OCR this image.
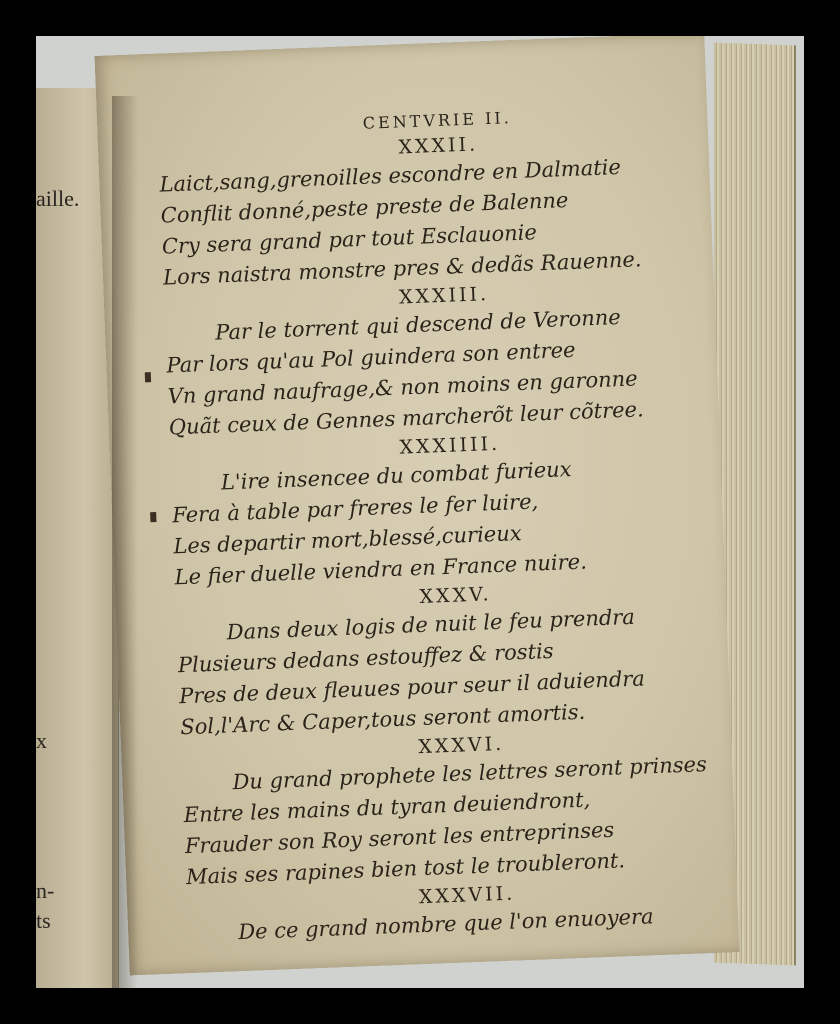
aille.
x
n-
ts
CENTVRIE II.
XXXII.
Laict,sang,grenoilles escondre en Dalmatie
Conflit donné,peste preste de Balenne
Cry sera grand par tout Esclauonie
Lors naistra monstre pres & dedãs Rauenne.
XXXIII.
Par le torrent qui descend de Veronne
Par lors qu'au Pol guindera son entree
Vn grand naufrage,& non moins en garonne
Quãt ceux de Gennes marcherõt leur cõtree.
XXXIIII.
L'ire insencee du combat furieux
Fera à table par freres le fer luire,
Les departir mort,blessé,curieux
Le fier duelle viendra en France nuire.
XXXV.
Dans deux logis de nuit le feu prendra
Plusieurs dedans estouffez & rostis
Pres de deux fleuues pour seur il aduiendra
Sol,l'Arc & Caper,tous seront amortis.
XXXVI.
Du grand prophete les lettres seront prinses
Entre les mains du tyran deuiendront,
Frauder son Roy seront les entreprinses
Mais ses rapines bien tost le troubleront.
XXXVII.
De ce grand nombre que l'on enuoyera
